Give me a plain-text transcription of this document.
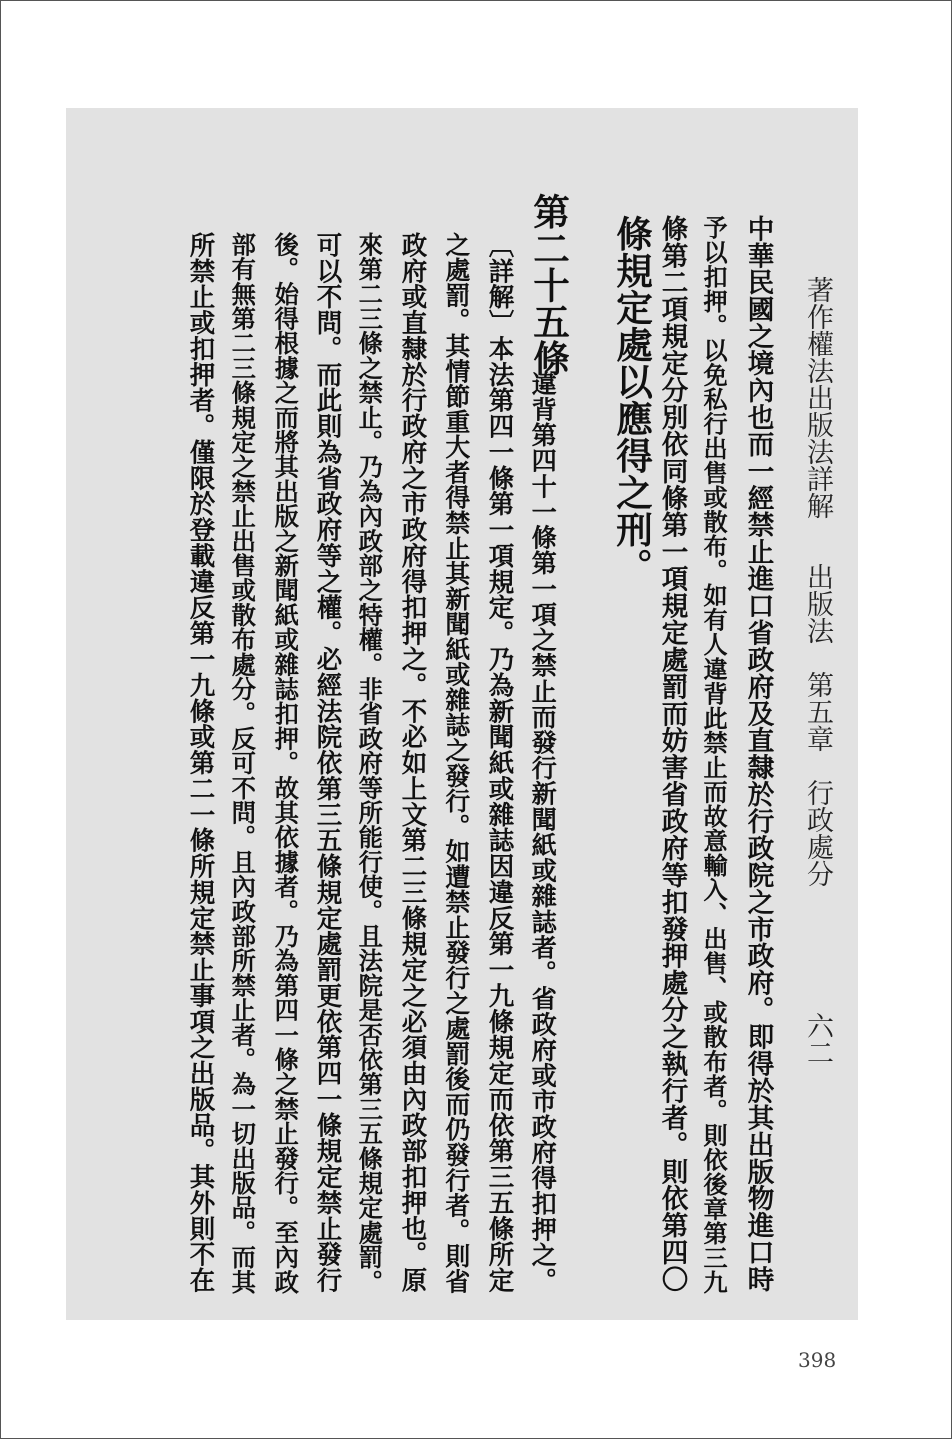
著作權法出版法詳解
出版法　第五章　行政處分
六二
中華民國之境內也而一經禁止進口省政府及直隸於行政院之市政府。即得於其出版物進口時
予以扣押。以免私行出售或散布。如有人違背此禁止而故意輸入、出售、或散布者。則依後章第三九
條第二項規定分別依同條第一項規定處罰而妨害省政府等扣發押處分之執行者。則依第四〇
條規定處以應得之刑。
第二十五條
　違背第四十一條第一項之禁止而發行新聞紙或雜誌者。省政府或市政府得扣押之。
〔詳解〕本法第四一條第一項規定。乃為新聞紙或雜誌因違反第一九條規定而依第三五條所定
之處罰。其情節重大者得禁止其新聞紙或雜誌之發行。如遭禁止發行之處罰後而仍發行者。則省
政府或直隸於行政府之市政府得扣押之。不必如上文第二三條規定之必須由內政部扣押也。原
來第二三條之禁止。乃為內政部之特權。非省政府等所能行使。且法院是否依第三五條規定處罰。
可以不問。而此則為省政府等之權。必經法院依第三五條規定處罰更依第四一條規定禁止發行
後。始得根據之而將其出版之新聞紙或雜誌扣押。故其依據者。乃為第四一條之禁止發行。至內政
部有無第二三條規定之禁止出售或散布處分。反可不問。且內政部所禁止者。為一切出版品。而其
所禁止或扣押者。僅限於登載違反第一九條或第二一條所規定禁止事項之出版品。其外則不在
398
